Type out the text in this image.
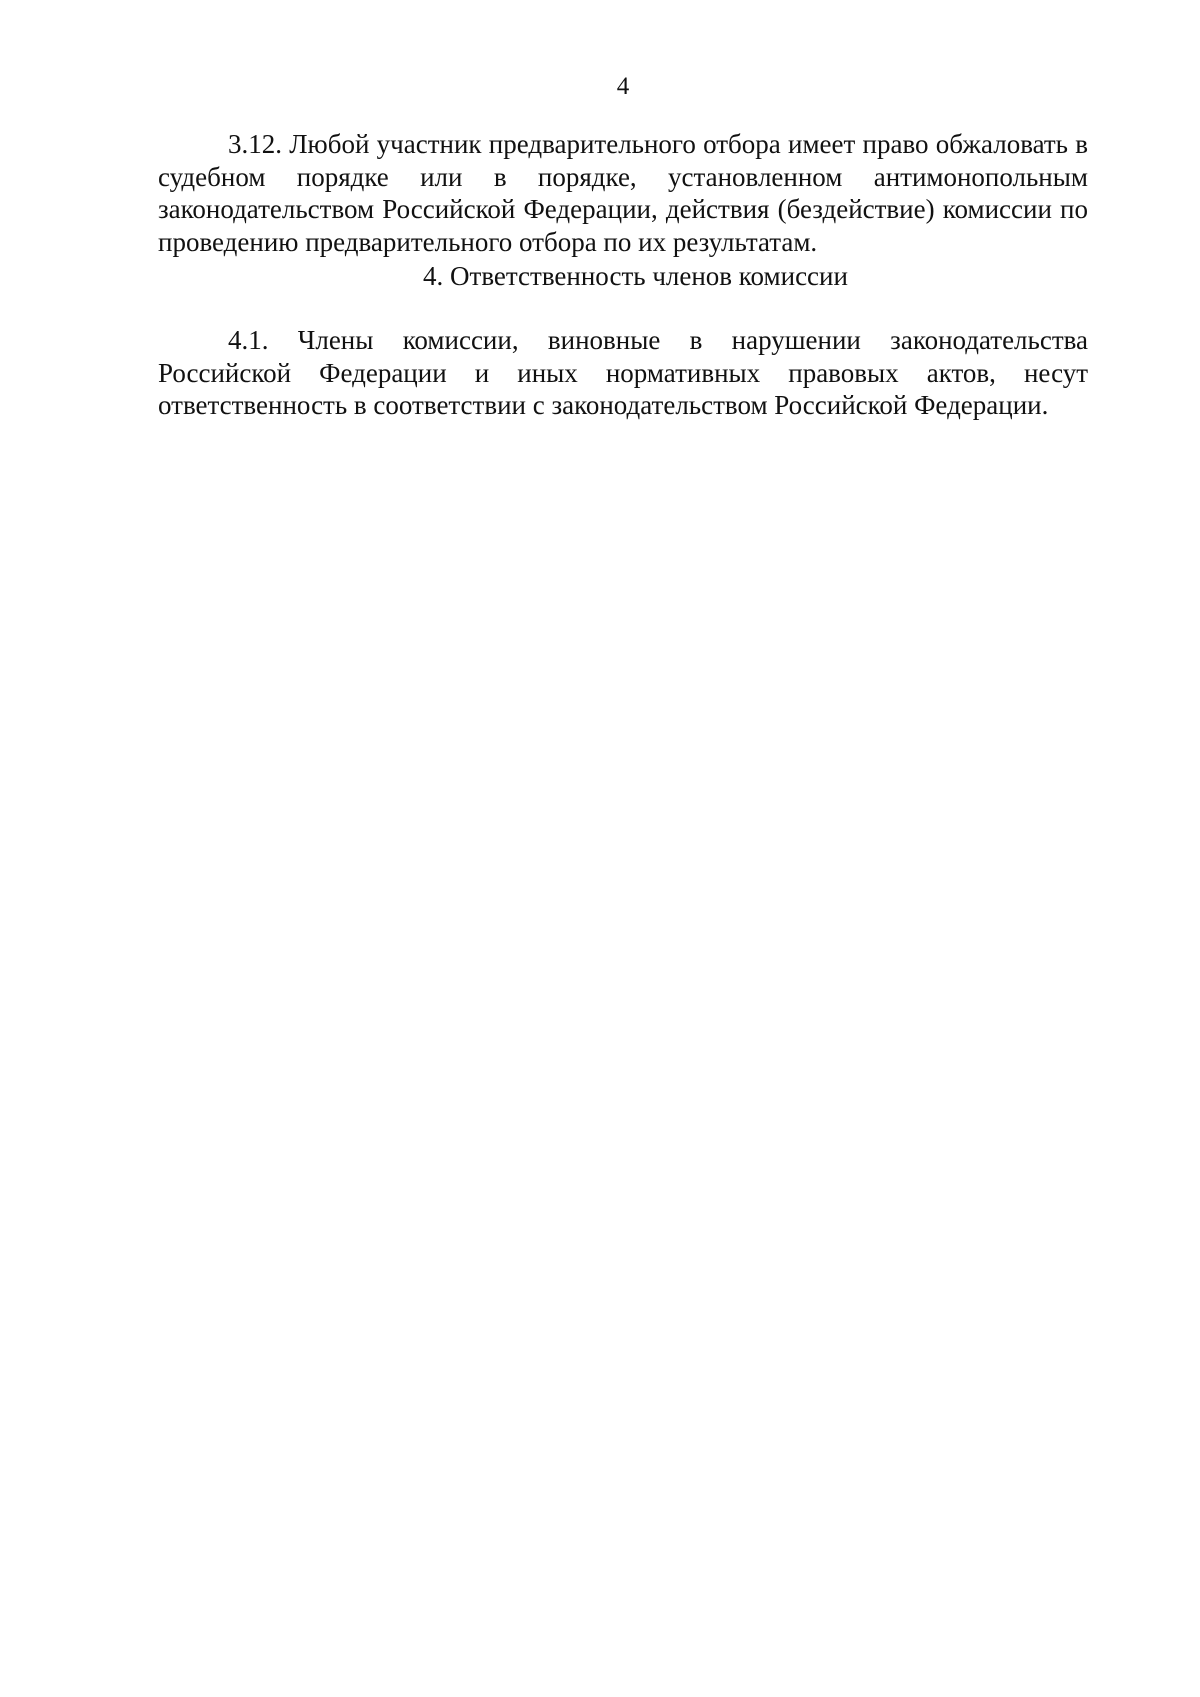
4

3.12. Любой участник предварительного отбора имеет право обжаловать в судебном порядке или в порядке, установленном антимонопольным законодательством Российской Федерации, действия (бездействие) комиссии по проведению предварительного отбора по их результатам.

4. Ответственность членов комиссии

4.1. Члены комиссии, виновные в нарушении законодательства Российской Федерации и иных нормативных правовых актов, несут ответственность в соответствии с законодательством Российской Федерации.
